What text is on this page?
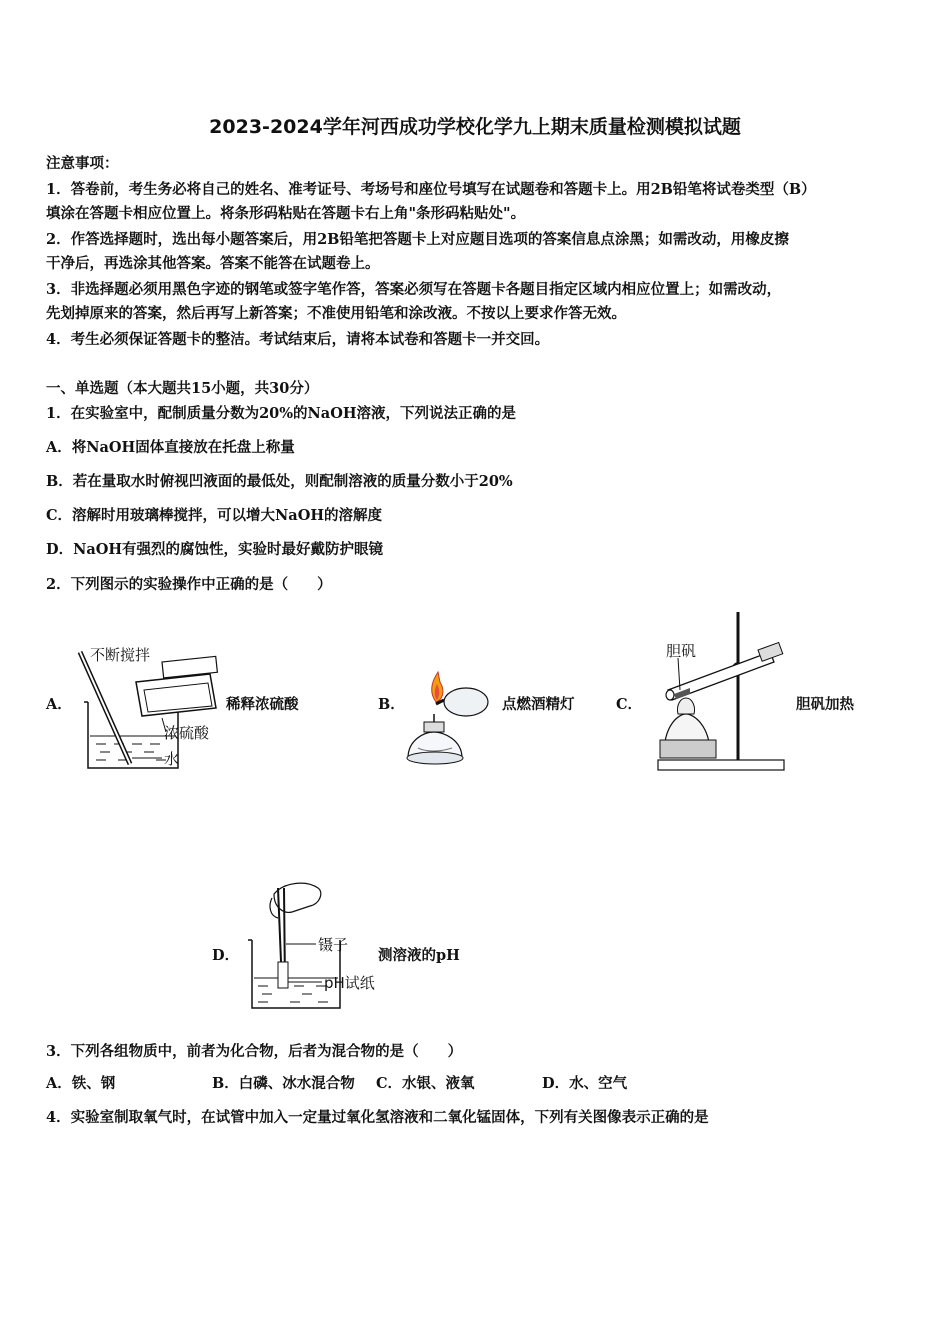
2023-2024学年河西成功学校化学九上期末质量检测模拟试题
注意事项：
1．答卷前，考生务必将自己的姓名、准考证号、考场号和座位号填写在试题卷和答题卡上。用2B铅笔将试卷类型（B）
填涂在答题卡相应位置上。将条形码粘贴在答题卡右上角"条形码粘贴处"。
2．作答选择题时，选出每小题答案后，用2B铅笔把答题卡上对应题目选项的答案信息点涂黑；如需改动，用橡皮擦
干净后，再选涂其他答案。答案不能答在试题卷上。
3．非选择题必须用黑色字迹的钢笔或签字笔作答，答案必须写在答题卡各题目指定区域内相应位置上；如需改动，
先划掉原来的答案，然后再写上新答案；不准使用铅笔和涂改液。不按以上要求作答无效。
4．考生必须保证答题卡的整洁。考试结束后，请将本试卷和答题卡一并交回。
一、单选题（本大题共15小题，共30分）
1．在实验室中，配制质量分数为20%的NaOH溶液，下列说法正确的是
A．将NaOH固体直接放在托盘上称量
B．若在量取水时俯视凹液面的最低处，则配制溶液的质量分数小于20%
C．溶解时用玻璃棒搅拌，可以增大NaOH的溶解度
D．NaOH有强烈的腐蚀性，实验时最好戴防护眼镜
2．下列图示的实验操作中正确的是（　　）
A．
不断搅拌
浓硫酸
水
稀释浓硫酸	B．	点燃酒精灯	C．
胆矾
胆矾加热
D．
镊子
pH试纸
测溶液的pH
3．下列各组物质中，前者为化合物，后者为混合物的是（　　）
A．铁、钢	B．白磷、冰水混合物 C．水银、液氧	D．水、空气
4．实验室制取氧气时，在试管中加入一定量过氧化氢溶液和二氧化锰固体，下列有关图像表示正确的是
